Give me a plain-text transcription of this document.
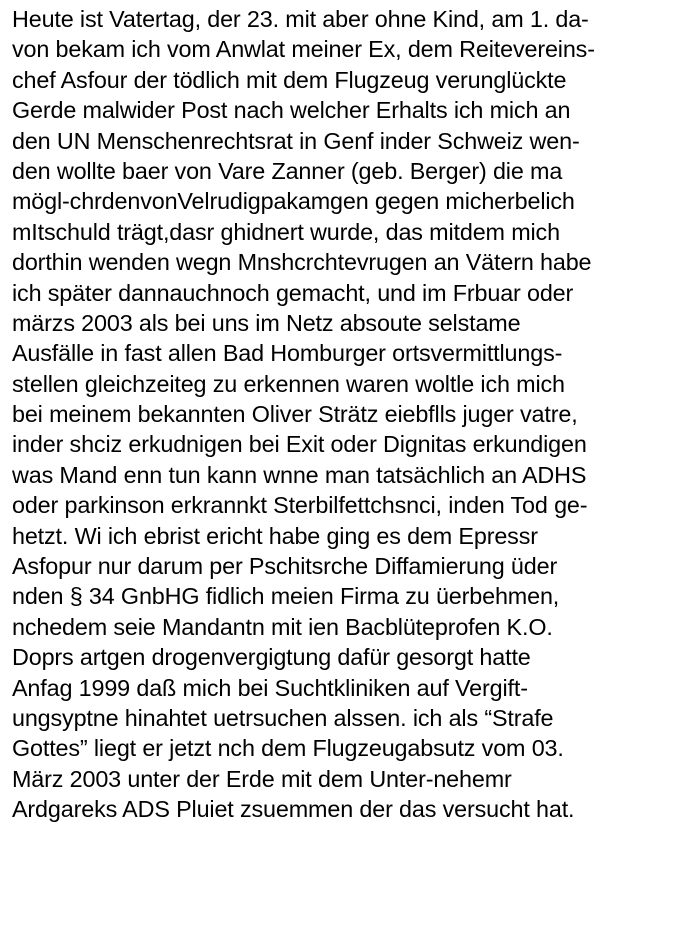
Heute ist Vatertag, der 23. mit aber ohne Kind, am 1. da-
von bekam ich vom Anwlat meiner Ex, dem Reitevereins-
chef Asfour der tödlich mit dem Flugzeug verunglückte
Gerde malwider Post nach welcher Erhalts ich mich an
den UN Menschenrechtsrat in Genf inder Schweiz wen-
den wollte baer von Vare Zanner (geb. Berger) die ma
mögl-chrdenvonVelrudigpakamgen gegen micherbelich
mItschuld trägt,dasr ghidnert wurde, das mitdem mich
dorthin wenden wegn Mnshcrchtevrugen an Vätern habe
ich später dannauchnoch gemacht, und im Frbuar oder
märzs 2003 als bei uns im Netz absoute selstame
Ausfälle in fast allen Bad Homburger ortsvermittlungs-
stellen gleichzeiteg zu erkennen waren woltle ich mich
bei meinem bekannten Oliver Strätz eiebflls juger vatre,
inder shciz erkudnigen bei Exit oder Dignitas erkundigen
was Mand enn tun kann wnne man tatsächlich an ADHS
oder parkinson erkrannkt Sterbilfettchsnci, inden Tod ge-
hetzt. Wi ich ebrist ericht habe ging es dem Epressr
Asfopur nur darum per Pschitsrche Diffamierung üder
nden § 34 GnbHG fidlich meien Firma zu üerbehmen,
nchedem seie Mandantn mit ien Bacblüteprofen K.O.
Doprs artgen drogenvergigtung dafür gesorgt hatte
Anfag 1999 daß mich bei Suchtkliniken auf Vergift-
ungsyptne hinahtet uetrsuchen alssen. ich als “Strafe
Gottes” liegt er jetzt nch dem Flugzeugabsutz vom 03.
März 2003 unter der Erde mit dem Unter-nehemr
Ardgareks ADS Pluiet zsuemmen der das versucht hat.
